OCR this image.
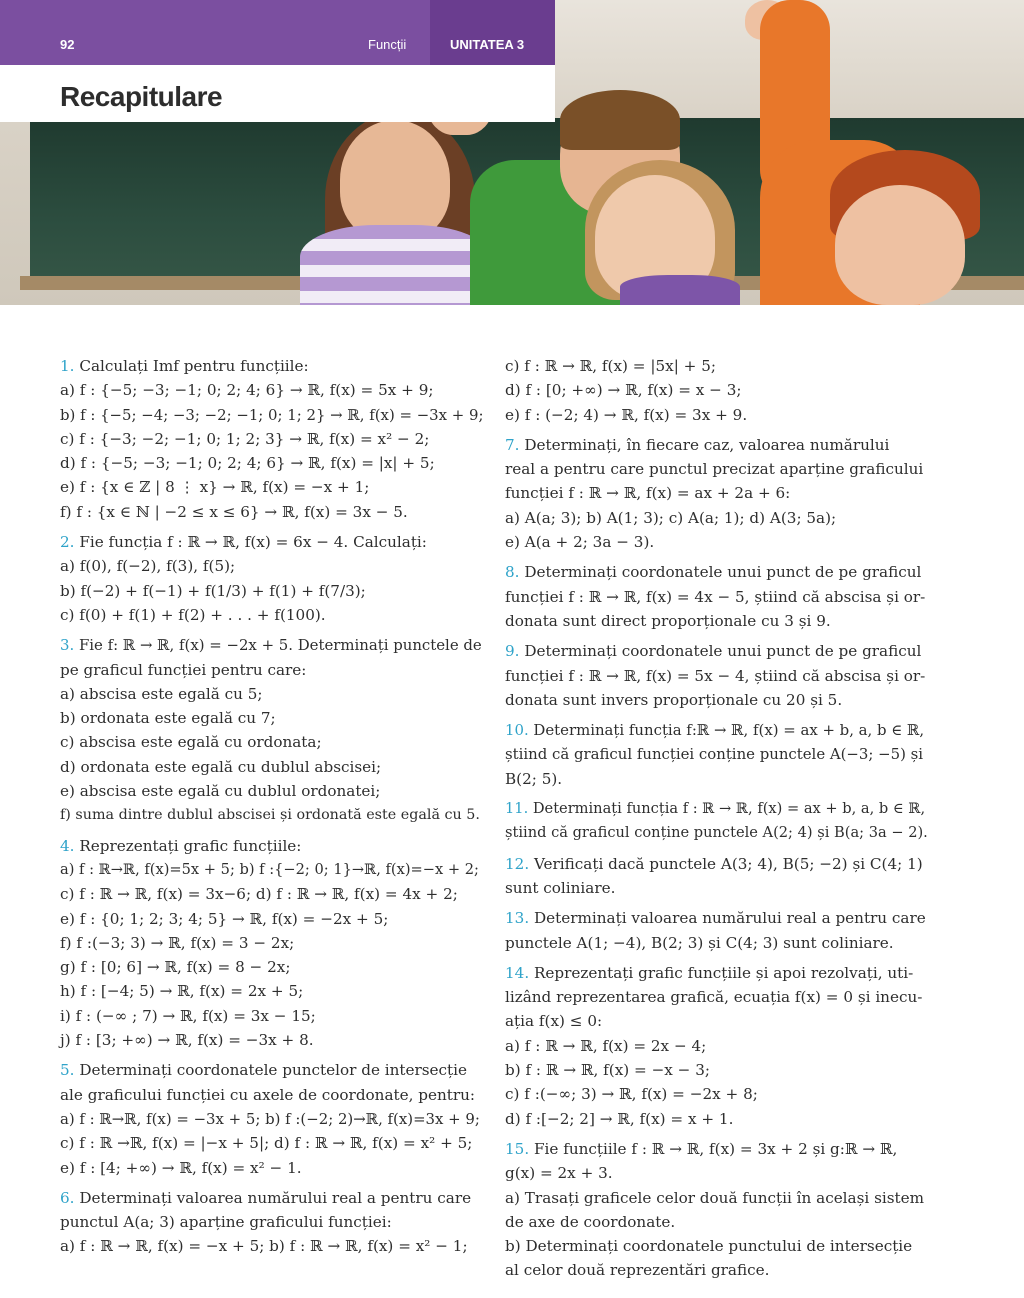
92	Funcții	UNITATEA 3
Recapitulare
1. Calculați Imf pentru funcțiile:
a) f : {−5; −3; −1; 0; 2; 4; 6} → ℝ, f(x) = 5x + 9;
b) f : {−5; −4; −3; −2; −1; 0; 1; 2} → ℝ, f(x) = −3x + 9;
c) f : {−3; −2; −1; 0; 1; 2; 3} → ℝ, f(x) = x² − 2;
d) f : {−5; −3; −1; 0; 2; 4; 6} → ℝ, f(x) = |x| + 5;
e) f : {x ∈ ℤ | 8 ⋮ x} → ℝ, f(x) = −x + 1;
f) f : {x ∈ ℕ | −2 ≤ x ≤ 6} → ℝ, f(x) = 3x − 5.
2. Fie funcția f : ℝ → ℝ, f(x) = 6x − 4. Calculați:
a) f(0), f(−2), f(3), f(5);
b) f(−2) + f(−1) + f(1/3) + f(1) + f(7/3);
c) f(0) + f(1) + f(2) + . . . + f(100).
3. Fie f: ℝ → ℝ, f(x) = −2x + 5. Determinați punctele de
pe graficul funcției pentru care:
a) abscisa este egală cu 5;
b) ordonata este egală cu 7;
c) abscisa este egală cu ordonata;
d) ordonata este egală cu dublul abscisei;
e) abscisa este egală cu dublul ordonatei;
f) suma dintre dublul abscisei și ordonată este egală cu 5.
4. Reprezentați grafic funcțiile:
a) f : ℝ→ℝ, f(x)=5x + 5; b) f :{−2; 0; 1}→ℝ, f(x)=−x + 2;
c) f : ℝ → ℝ, f(x) = 3x−6; d) f : ℝ → ℝ, f(x) = 4x + 2;
e) f : {0; 1; 2; 3; 4; 5} → ℝ, f(x) = −2x + 5;
f) f :(−3; 3) → ℝ, f(x) = 3 − 2x;
g) f : [0; 6] → ℝ, f(x) = 8 − 2x;
h) f : [−4; 5) → ℝ, f(x) = 2x + 5;
i) f : (−∞ ; 7) → ℝ, f(x) = 3x − 15;
j) f : [3; +∞) → ℝ, f(x) = −3x + 8.
5. Determinați coordonatele punctelor de intersecție
ale graficului funcției cu axele de coordonate, pentru:
a) f : ℝ→ℝ, f(x) = −3x + 5; b) f :(−2; 2)→ℝ, f(x)=3x + 9;
c) f : ℝ →ℝ, f(x) = |−x + 5|; d) f : ℝ → ℝ, f(x) = x² + 5;
e) f : [4; +∞) → ℝ, f(x) = x² − 1.
6. Determinați valoarea numărului real a pentru care
punctul A(a; 3) aparține graficului funcției:
a) f : ℝ → ℝ, f(x) = −x + 5; b) f : ℝ → ℝ, f(x) = x² − 1;
c) f : ℝ → ℝ, f(x) = |5x| + 5;
d) f : [0; +∞) → ℝ, f(x) = x − 3;
e) f : (−2; 4) → ℝ, f(x) = 3x + 9.
7. Determinați, în fiecare caz, valoarea numărului
real a pentru care punctul precizat aparține graficului
funcției f : ℝ → ℝ, f(x) = ax + 2a + 6:
a) A(a; 3); b) A(1; 3); c) A(a; 1); d) A(3; 5a);
e) A(a + 2; 3a − 3).
8. Determinați coordonatele unui punct de pe graficul
funcției f : ℝ → ℝ, f(x) = 4x − 5, știind că abscisa și or-
donata sunt direct proporționale cu 3 și 9.
9. Determinați coordonatele unui punct de pe graficul
funcției f : ℝ → ℝ, f(x) = 5x − 4, știind că abscisa și or-
donata sunt invers proporționale cu 20 și 5.
10. Determinați funcția f:ℝ → ℝ, f(x) = ax + b, a, b ∈ ℝ,
știind că graficul funcției conține punctele A(−3; −5) și
B(2; 5).
11. Determinați funcția f : ℝ → ℝ, f(x) = ax + b, a, b ∈ ℝ,
știind că graficul conține punctele A(2; 4) și B(a; 3a − 2).
12. Verificați dacă punctele A(3; 4), B(5; −2) și C(4; 1)
sunt coliniare.
13. Determinați valoarea numărului real a pentru care
punctele A(1; −4), B(2; 3) și C(4; 3) sunt coliniare.
14. Reprezentați grafic funcțiile și apoi rezolvați, uti-
lizând reprezentarea grafică, ecuația f(x) = 0 și inecu-
ația f(x) ≤ 0:
a) f : ℝ → ℝ, f(x) = 2x − 4;
b) f : ℝ → ℝ, f(x) = −x − 3;
c) f :(−∞; 3) → ℝ, f(x) = −2x + 8;
d) f :[−2; 2] → ℝ, f(x) = x + 1.
15. Fie funcțiile f : ℝ → ℝ, f(x) = 3x + 2 și g:ℝ → ℝ,
g(x) = 2x + 3.
a) Trasați graficele celor două funcții în același sistem
de axe de coordonate.
b) Determinați coordonatele punctului de intersecție
al celor două reprezentări grafice.
